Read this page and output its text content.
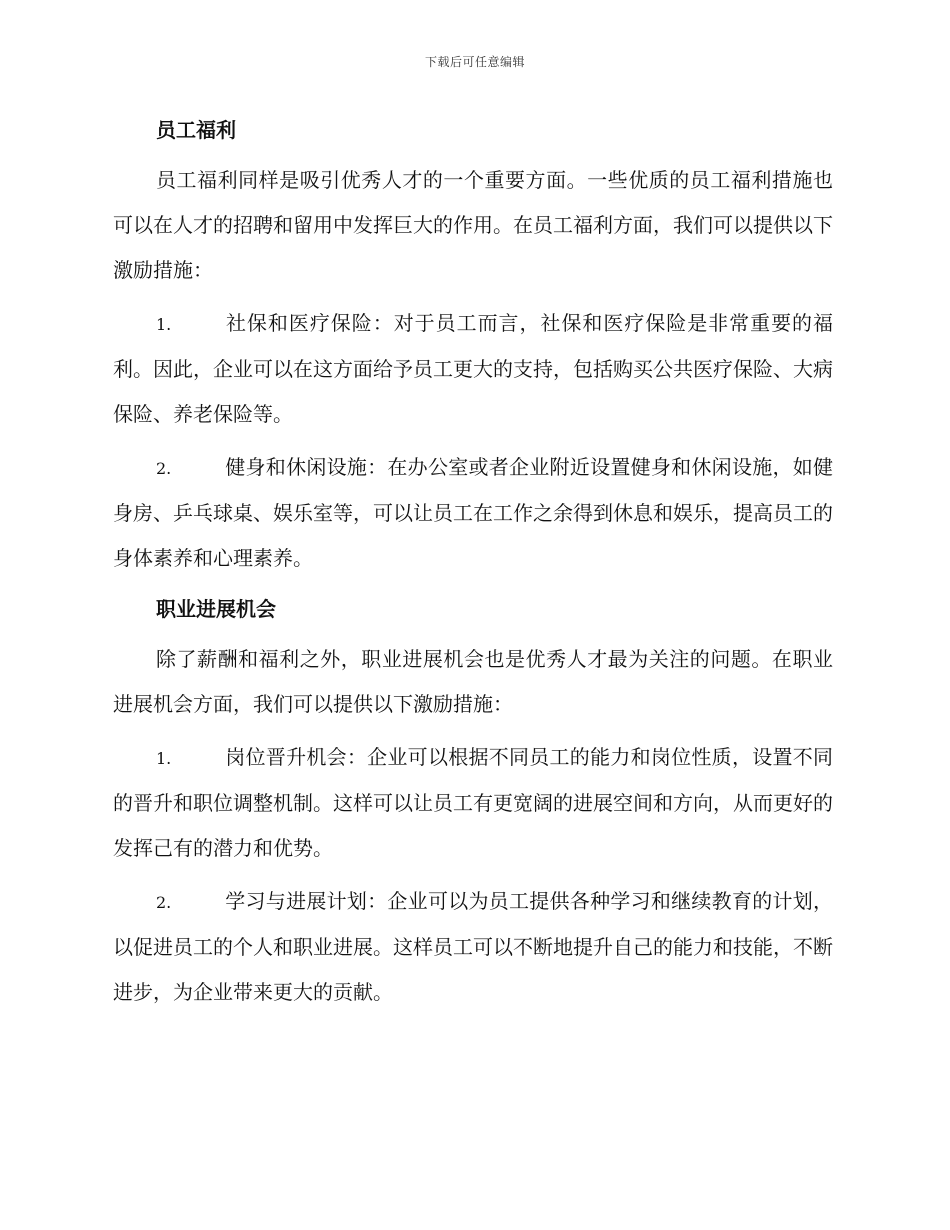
下载后可任意编辑
员工福利

员工福利同样是吸引优秀人才的一个重要方面。一些优质的员工福利措施也可以在人才的招聘和留用中发挥巨大的作用。在员工福利方面，我们可以提供以下激励措施：

1.	社保和医疗保险：对于员工而言，社保和医疗保险是非常重要的福利。因此，企业可以在这方面给予员工更大的支持，包括购买公共医疗保险、大病保险、养老保险等。

2.	健身和休闲设施：在办公室或者企业附近设置健身和休闲设施，如健身房、乒乓球桌、娱乐室等，可以让员工在工作之余得到休息和娱乐，提高员工的身体素养和心理素养。

职业进展机会

除了薪酬和福利之外，职业进展机会也是优秀人才最为关注的问题。在职业进展机会方面，我们可以提供以下激励措施：

1.	岗位晋升机会：企业可以根据不同员工的能力和岗位性质，设置不同的晋升和职位调整机制。这样可以让员工有更宽阔的进展空间和方向，从而更好的发挥己有的潜力和优势。

2.	学习与进展计划：企业可以为员工提供各种学习和继续教育的计划，以促进员工的个人和职业进展。这样员工可以不断地提升自己的能力和技能，不断进步，为企业带来更大的贡献。
